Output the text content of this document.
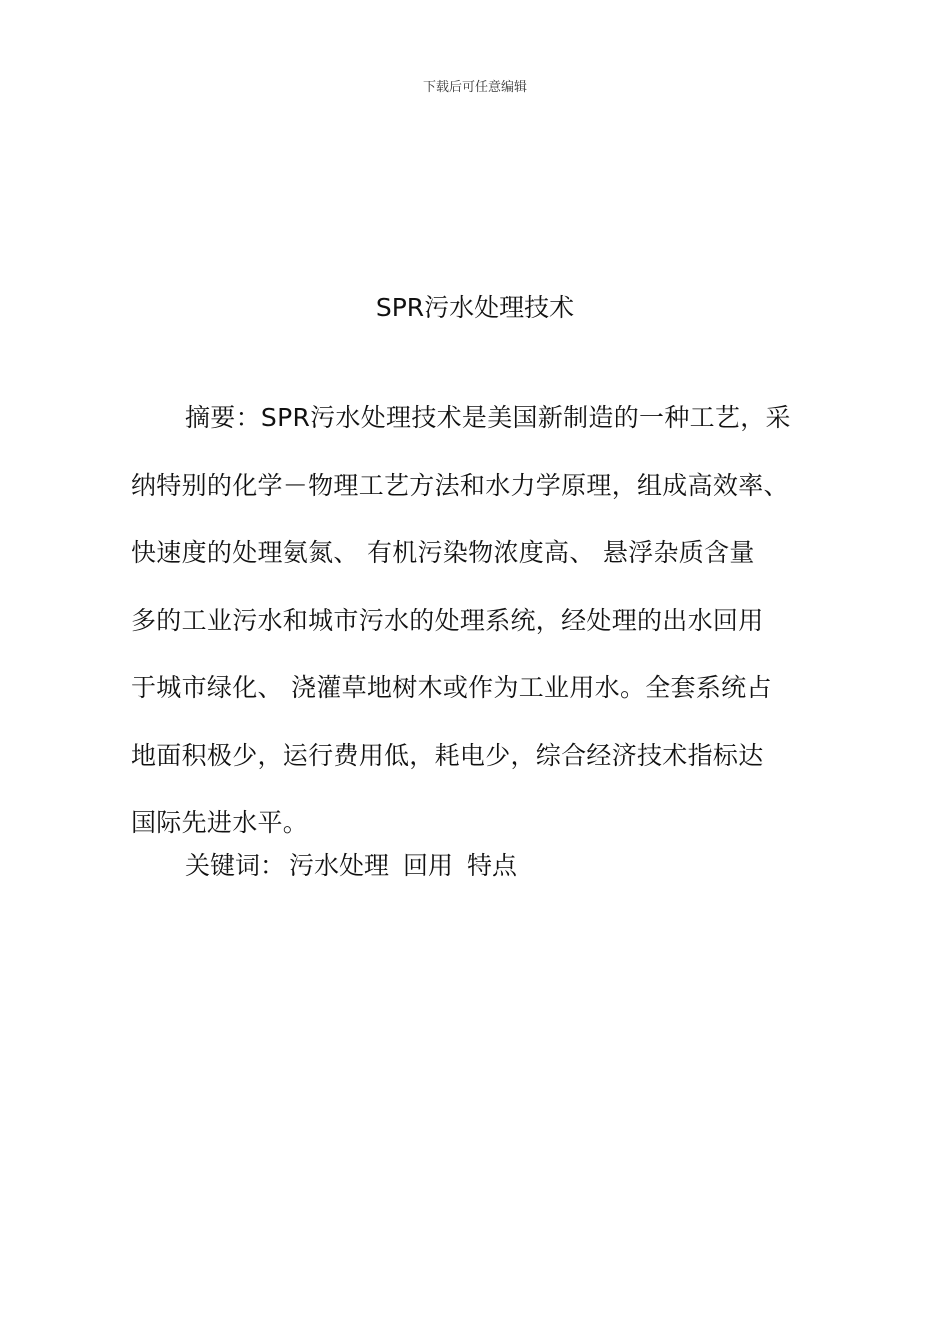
下载后可任意编辑
SPR污水处理技术
摘要：SPR污水处理技术是美国新制造的一种工艺，采
纳特别的化学－物理工艺方法和水力学原理，组成高效率、
快速度的处理氨氮、 有机污染物浓度高、 悬浮杂质含量
多的工业污水和城市污水的处理系统，经处理的出水回用
于城市绿化、 浇灌草地树木或作为工业用水。全套系统占
地面积极少，运行费用低，耗电少，综合经济技术指标达
国际先进水平。
关键词： 污水处理 回用 特点
